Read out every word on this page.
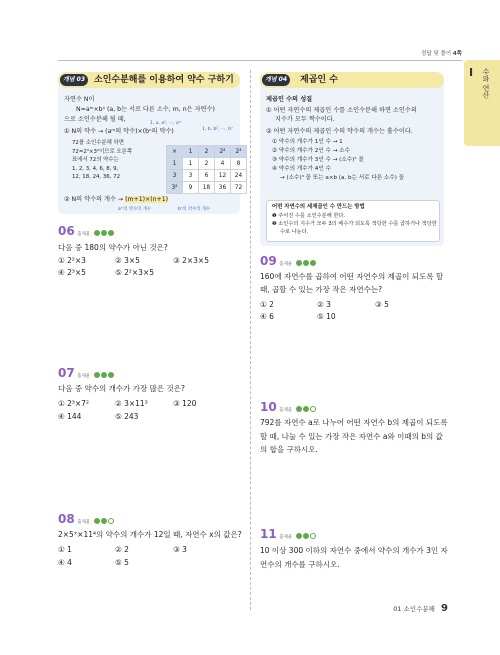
정답 및 풀이 4쪽
I 수와 연산
개념 03 소인수분해를 이용하여 약수 구하기
자연수 N이
N=aᵐ×bⁿ (a, b는 서로 다른 소수, m, n은 자연수)
으로 소인수분해 될 때,
1, a, a², ···, aᵐ
1, b, b², ···, bⁿ
① N의 약수 → (aᵐ의 약수)×(bⁿ의 약수)
72를 소인수분해 하면
72=2³×3²이므로 오른쪽
표에서 72의 약수는
1, 2, 3, 4, 6, 8, 9,
12, 18, 24, 36, 72
×	1	2	2²	2³
1	1	2	4	8
3	3	6	12	24
3²	9	18	36	72
② N의 약수의 개수 → (m+1)×(n+1)
aᵐ의 약수의 개수	bⁿ의 약수의 개수
개념 04	제곱인 수
제곱인 수의 성질
① 어떤 자연수의 제곱인 수를 소인수분해 하면 소인수의
지수가 모두 짝수이다.
② 어떤 자연수의 제곱인 수의 약수의 개수는 홀수이다.
① 약수의 개수가 1인 수 → 1
② 약수의 개수가 2인 수 → 소수
③ 약수의 개수가 3인 수 → (소수)² 꼴
④ 약수의 개수가 4인 수
→ (소수)³ 꼴 또는 a×b (a, b는 서로 다른 소수) 꼴
어떤 자연수의 세제곱인 수 만드는 방법
❶ 주어진 수를 소인수분해 한다.
❷ 소인수의 지수가 모두 3의 배수가 되도록 적당한 수를 곱하거나 적당한
수로 나눈다.
06 출제율
다음 중 180의 약수가 아닌 것은?
① 2²×3	② 3×5	③ 2×3×5
④ 2³×5	⑤ 2²×3×5
07 출제율
다음 중 약수의 개수가 가장 많은 것은?
① 2³×7²	② 3×11³	③ 120
④ 144	⑤ 243
08 출제율
2×5ˣ×11⁴의 약수의 개수가 12일 때, 자연수 x의 값은?
① 1	② 2	③ 3
④ 4	⑤ 5
09 출제율
160에 자연수를 곱하여 어떤 자연수의 제곱이 되도록 할
때, 곱할 수 있는 가장 작은 자연수는?
① 2	② 3	③ 5
④ 6	⑤ 10
10 출제율
792를 자연수 a로 나누어 어떤 자연수 b의 제곱이 되도록
할 때, 나눌 수 있는 가장 작은 자연수 a와 이때의 b의 값
의 합을 구하시오.
11 출제율
10 이상 300 이하의 자연수 중에서 약수의 개수가 3인 자
연수의 개수를 구하시오.
01 소인수분해 9
